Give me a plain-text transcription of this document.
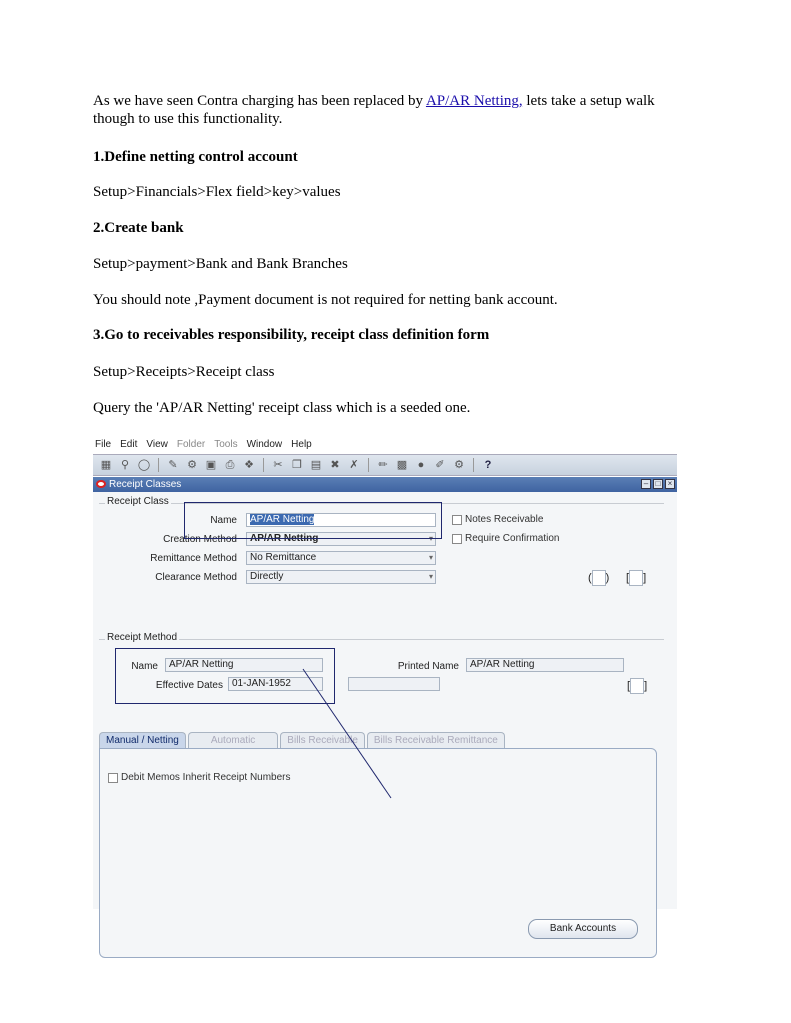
As we have seen Contra charging has been replaced by AP/AR Netting, lets take a setup walk

though to use this functionality.

1.Define netting control account

Setup>Financials>Flex field>key>values

2.Create bank

Setup>payment>Bank and Bank Branches

You should note ,Payment document is not required for netting bank account.

3.Go to receivables responsibility, receipt class definition form

Setup>Receipts>Receipt class

Query the 'AP/AR Netting' receipt class which is a seeded one.

File Edit View Folder Tools Window Help
▦ ⚲ ◯ ✎ ⚙ ▣ ⎙ ❖ ✂ ❐ ▤ ✖ ✗ ✏ ▩ ●	✐ ⚙	?
Receipt Classes	– □ ×
Receipt Class
Name	AP/AR Netting
Creation Method	AP/AR Netting ▾
Remittance Method	No Remittance ▾
Clearance Method	Directly ▾
Notes Receivable
Require Confirmation
( ) [ ]
Receipt Method
Name	AP/AR Netting
Effective Dates 01-JAN-1952
Printed Name	AP/AR Netting
[ ]
Manual / Netting	Automatic	Bills Receivable	Bills Receivable Remittance
Debit Memos Inherit Receipt Numbers
Bank Accounts
